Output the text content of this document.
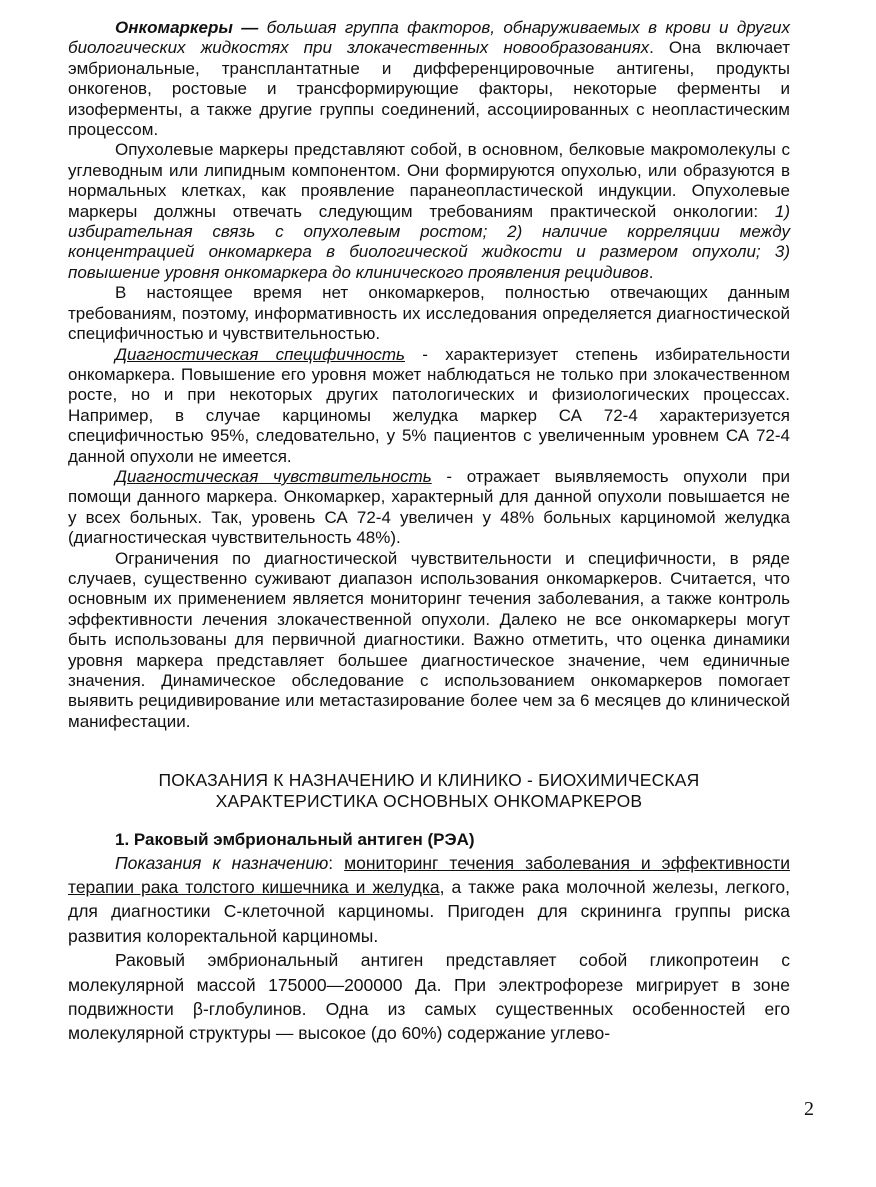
Онкомаркеры — большая группа факторов, обнаруживаемых в крови и других биологических жидкостях при злокачественных новообразованиях. Она включает эмбриональные, трансплантатные и дифференцировочные антигены, продукты онкогенов, ростовые и трансформирующие факторы, некоторые ферменты и изоферменты, а также другие группы соединений, ассоциированных с неопластическим процессом.

Опухолевые маркеры представляют собой, в основном, белковые макромолекулы с углеводным или липидным компонентом. Они формируются опухолью, или образуются в нормальных клетках, как проявление паранеопластической индукции. Опухолевые маркеры должны отвечать следующим требованиям практической онкологии: 1) избирательная связь с опухолевым ростом; 2) наличие корреляции между концентрацией онкомаркера в биологической жидкости и размером опухоли; 3) повышение уровня онкомаркера до клинического проявления рецидивов.

В настоящее время нет онкомаркеров, полностью отвечающих данным требованиям, поэтому, информативность их исследования определяется диагностической специфичностью и чувствительностью.

Диагностическая специфичность - характеризует степень избирательности онкомаркера. Повышение его уровня может наблюдаться не только при злокачественном росте, но и при некоторых других патологических и физиологических процессах. Например, в случае карциномы желудка маркер СА 72-4 характеризуется специфичностью 95%, следовательно, у 5% пациентов с увеличенным уровнем СА 72-4 данной опухоли не имеется.

Диагностическая чувствительность - отражает выявляемость опухоли при помощи данного маркера. Онкомаркер, характерный для данной опухоли повышается не у всех больных. Так, уровень СА 72-4 увеличен у 48% больных карциномой желудка (диагностическая чувствительность 48%).

Ограничения по диагностической чувствительности и специфичности, в ряде случаев, существенно суживают диапазон использования онкомаркеров. Считается, что основным их применением является мониторинг течения заболевания, а также контроль эффективности лечения злокачественной опухоли. Далеко не все онкомаркеры могут быть использованы для первичной диагностики. Важно отметить, что оценка динамики уровня маркера представляет большее диагностическое значение, чем единичные значения. Динамическое обследование с использованием онкомаркеров помогает выявить рецидивирование или метастазирование более чем за 6 месяцев до клинической манифестации.

ПОКАЗАНИЯ К НАЗНАЧЕНИЮ И КЛИНИКО - БИОХИМИЧЕСКАЯ
ХАРАКТЕРИСТИКА ОСНОВНЫХ ОНКОМАРКЕРОВ
1. Раковый эмбриональный антиген (РЭА)

Показания к назначению: мониторинг течения заболевания и эффективности терапии рака толстого кишечника и желудка, а также рака молочной железы, легкого, для диагностики С-клеточной карциномы. Пригоден для скрининга группы риска развития колоректальной карциномы.

Раковый эмбриональный антиген представляет собой гликопротеин с молекулярной массой 175000—200000 Да. При электрофорезе мигрирует в зоне подвижности β-глобулинов. Одна из самых существенных особенностей его молекулярной структуры — высокое (до 60%) содержание углево-

2
